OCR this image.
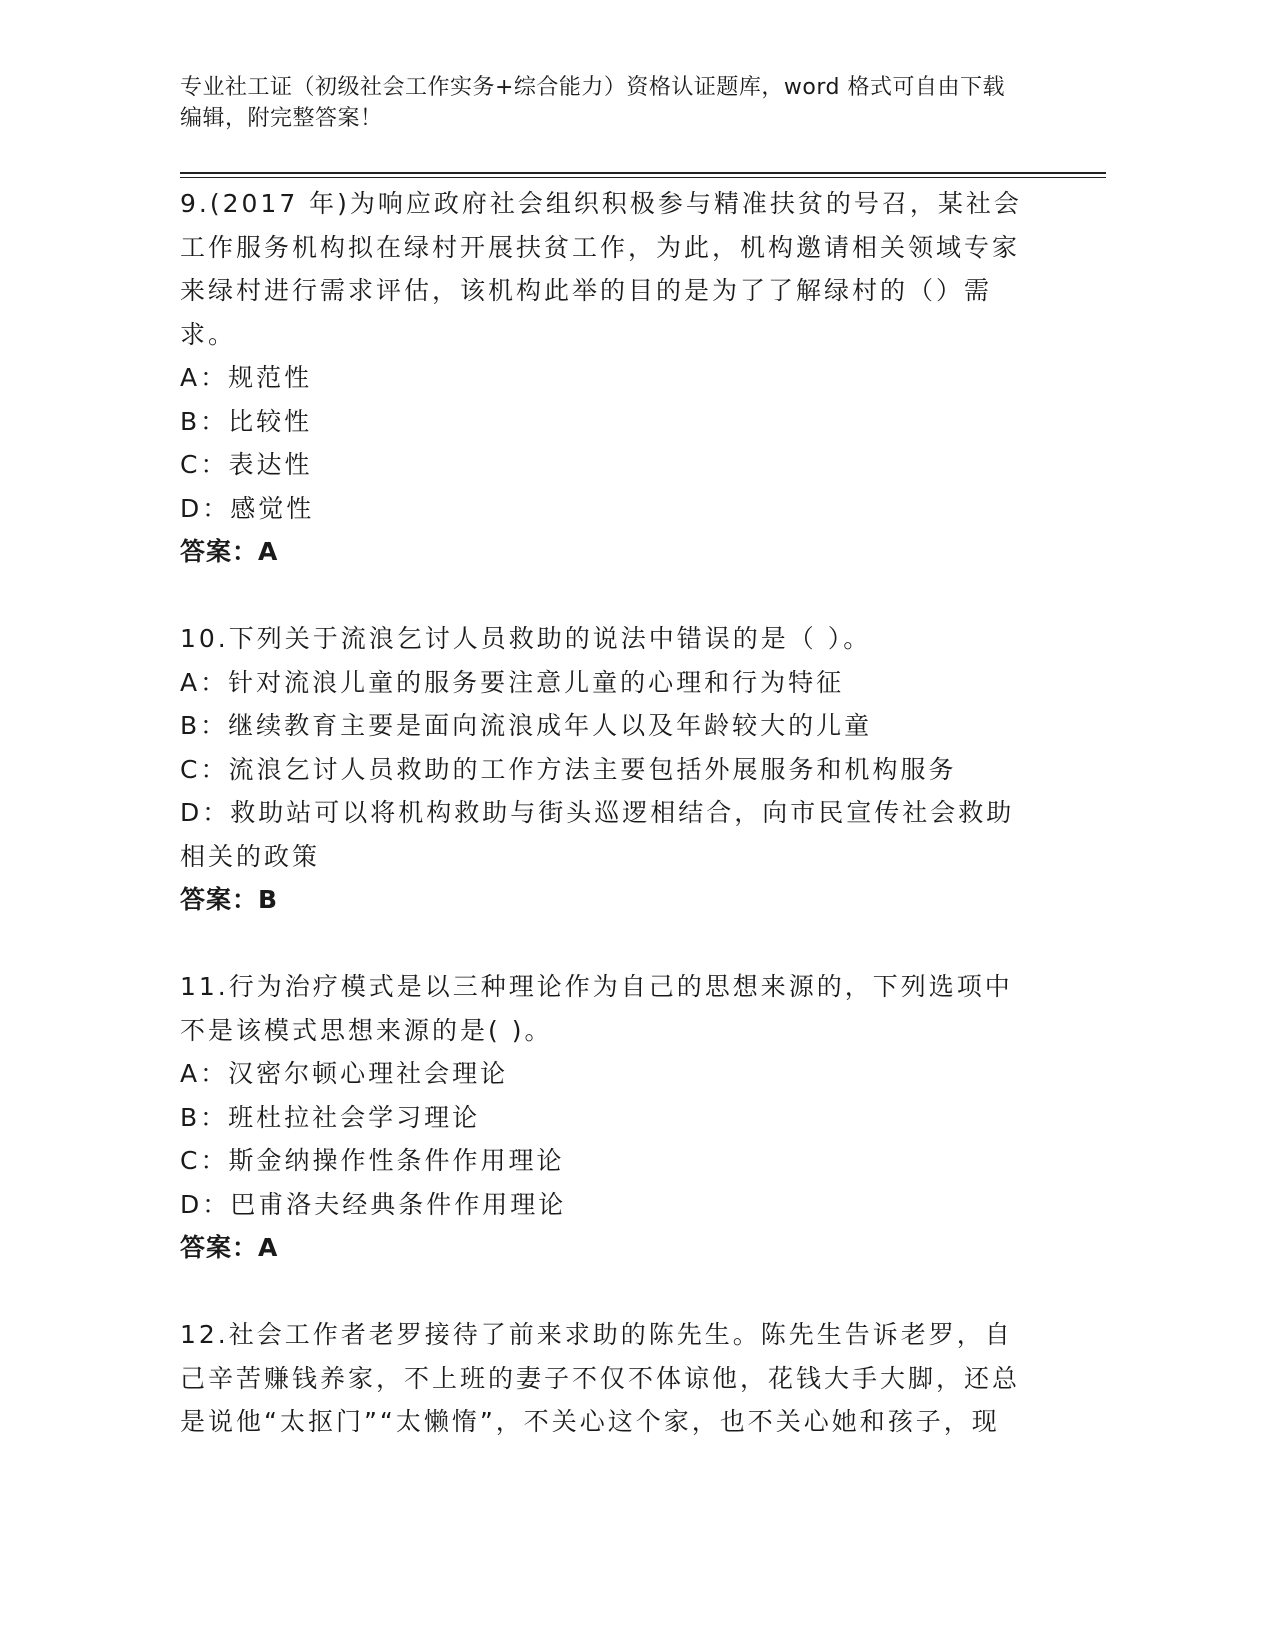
专业社工证（初级社会工作实务+综合能力）资格认证题库，word 格式可自由下载
编辑，附完整答案！

9.(2017 年)为响应政府社会组织积极参与精准扶贫的号召，某社会工作服务机构拟在绿村开展扶贫工作，为此，机构邀请相关领域专家来绿村进行需求评估，该机构此举的目的是为了了解绿村的（）需求。

A：规范性

B：比较性

C：表达性

D：感觉性

答案：A

10.下列关于流浪乞讨人员救助的说法中错误的是（ ）。

A：针对流浪儿童的服务要注意儿童的心理和行为特征

B：继续教育主要是面向流浪成年人以及年龄较大的儿童

C：流浪乞讨人员救助的工作方法主要包括外展服务和机构服务

D：救助站可以将机构救助与街头巡逻相结合，向市民宣传社会救助相关的政策

答案：B

11.行为治疗模式是以三种理论作为自己的思想来源的，下列选项中不是该模式思想来源的是( )。

A：汉密尔顿心理社会理论

B：班杜拉社会学习理论

C：斯金纳操作性条件作用理论

D：巴甫洛夫经典条件作用理论

答案：A

12.社会工作者老罗接待了前来求助的陈先生。陈先生告诉老罗，自己辛苦赚钱养家，不上班的妻子不仅不体谅他，花钱大手大脚，还总是说他“太抠门”“太懒惰”，不关心这个家，也不关心她和孩子，现
